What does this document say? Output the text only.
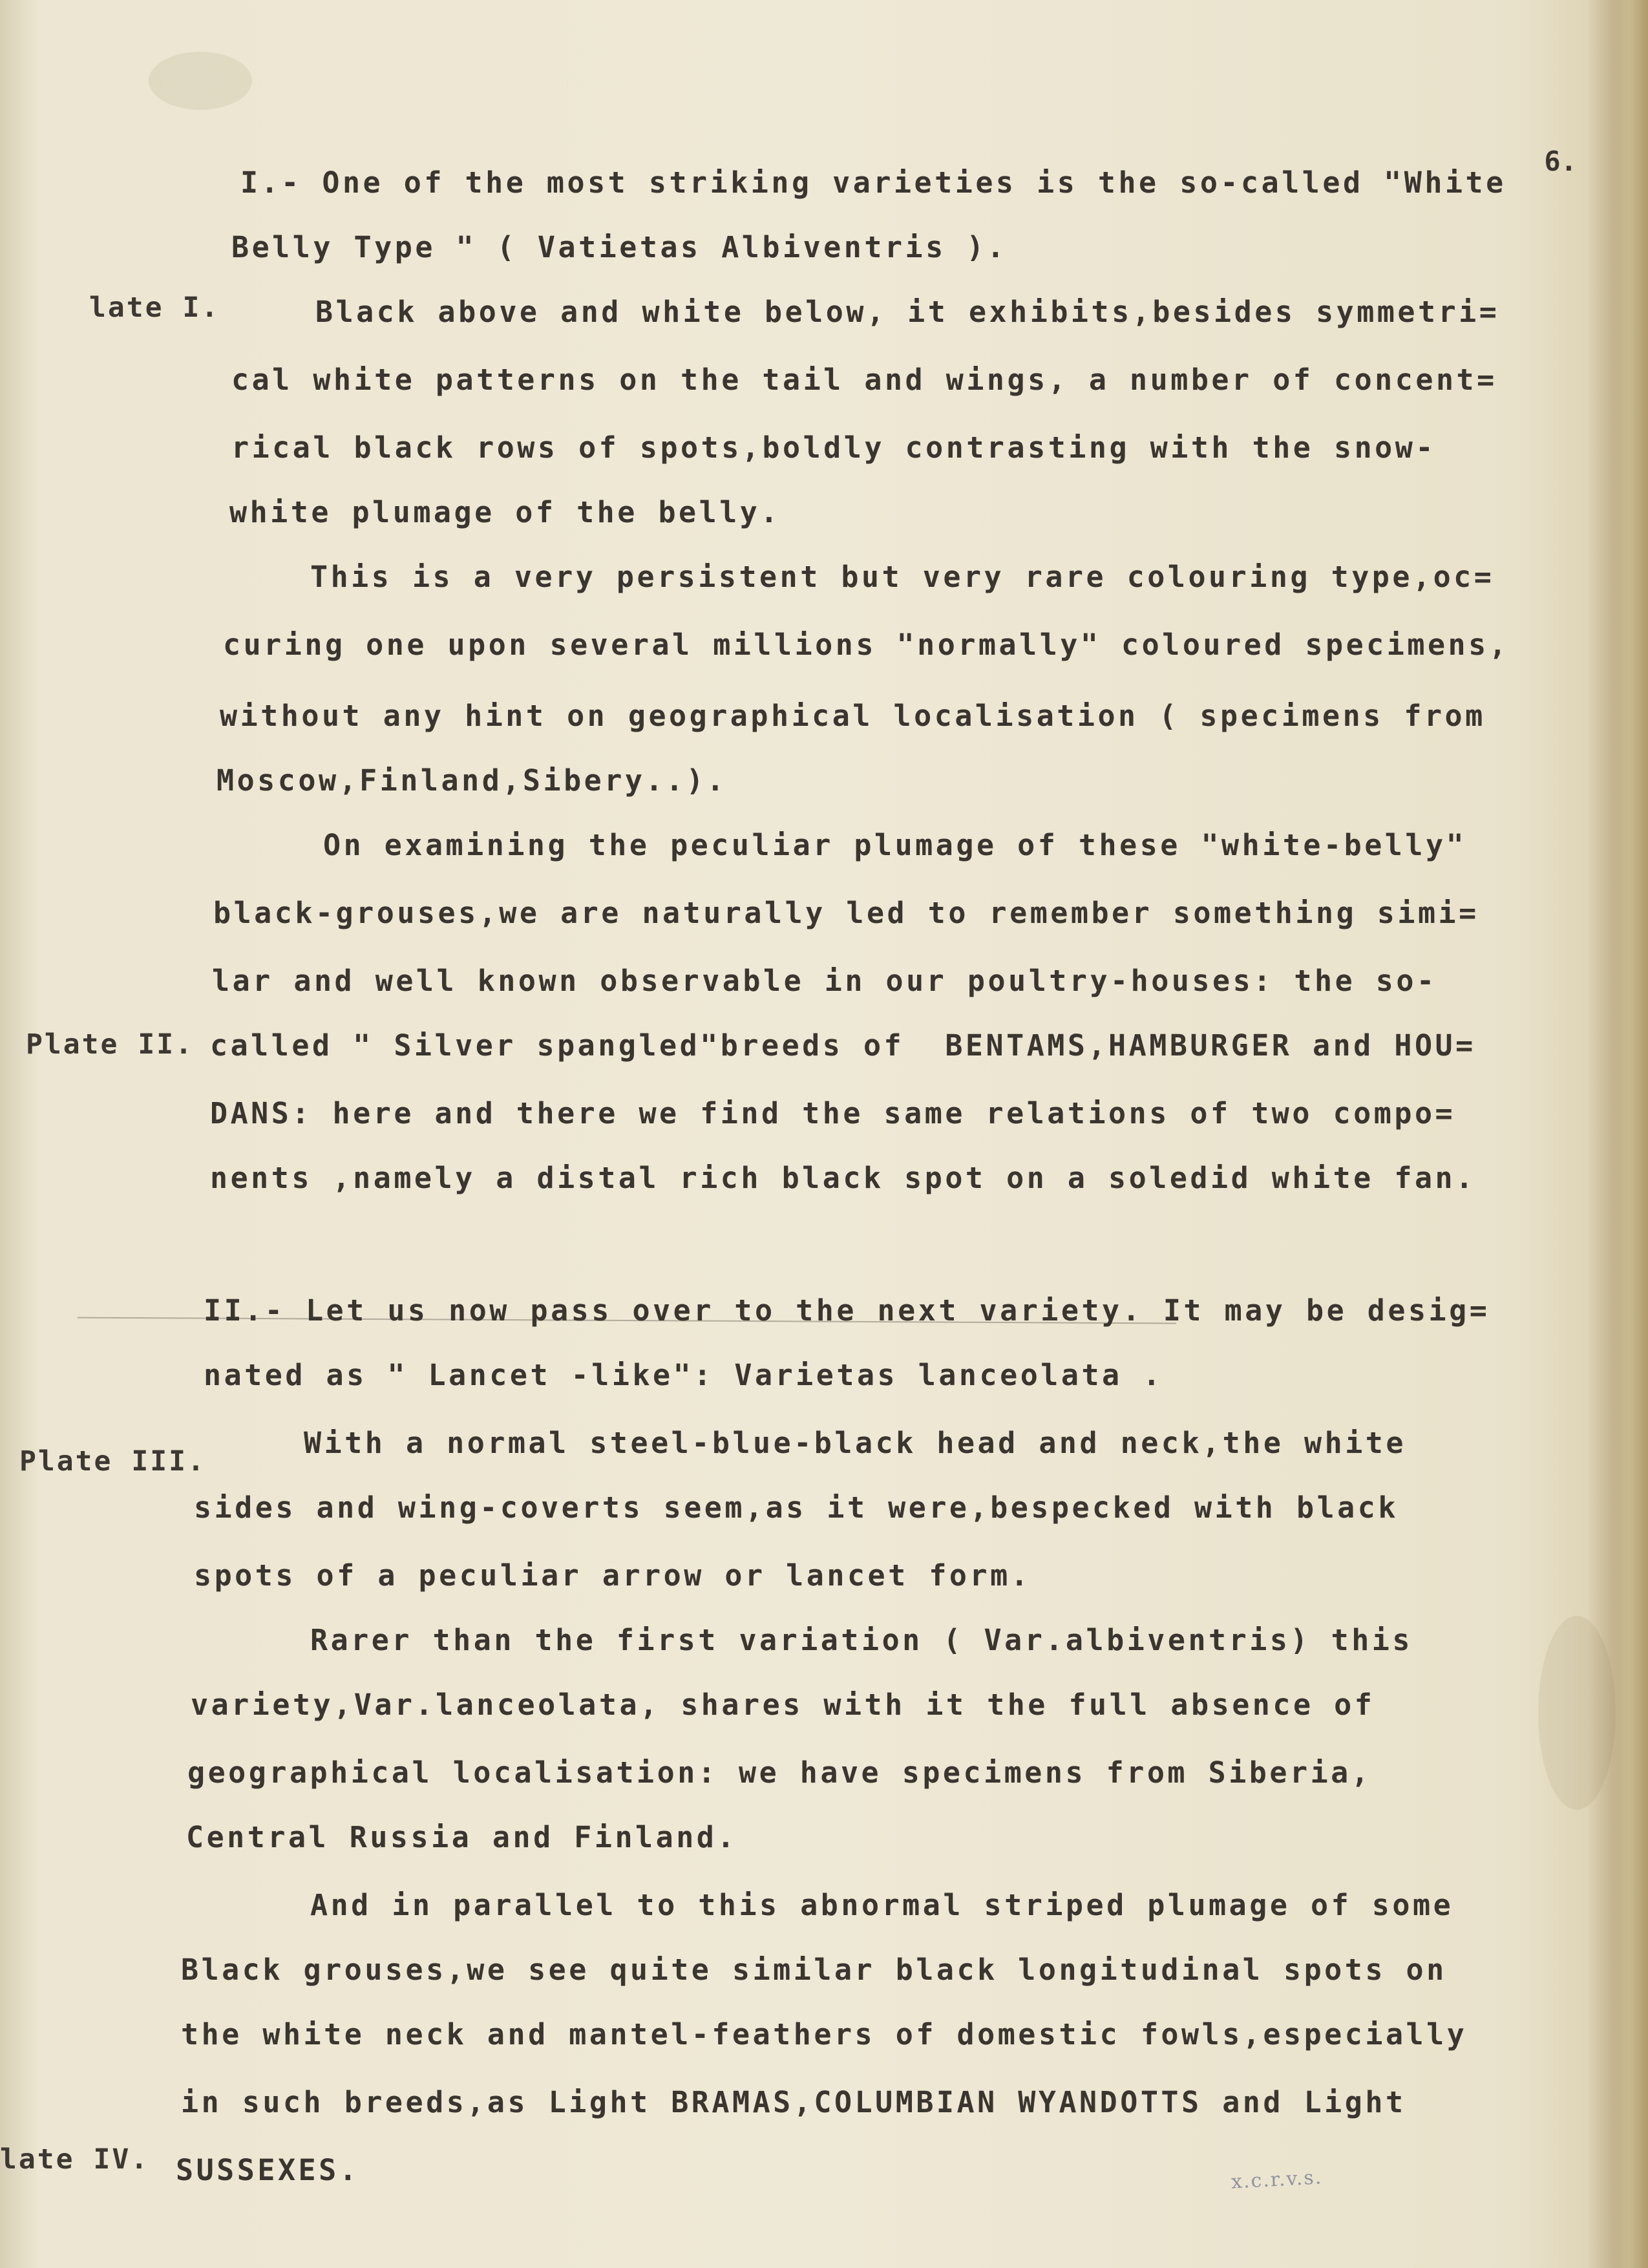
6.
I.- One of the most striking varieties is the so-called "White
Belly Type " ( Vatietas Albiventris ).
late I.	Black above and white below, it exhibits,besides symmetri=
cal white patterns on the tail and wings, a number of concent=
rical black rows of spots,boldly contrasting with the snow-
white plumage of the belly.
This is a very persistent but very rare colouring type,oc=
curing one upon several millions "normally" coloured specimens,
without any hint on geographical localisation ( specimens from
Moscow,Finland,Sibery..).
On examining the peculiar plumage of these "white-belly"
black-grouses,we are naturally led to remember something simi=
lar and well known observable in our poultry-houses: the so-
Plate II. called " Silver spangled"breeds of  BENTAMS,HAMBURGER and HOU=
DANS: here and there we find the same relations of two compo=
nents ,namely a distal rich black spot on a soledid white fan.
II.- Let us now pass over to the next variety. It may be desig=
nated as " Lancet -like": Varietas lanceolata .
With a normal steel-blue-black head and neck,the white
Plate III.
sides and wing-coverts seem,as it were,bespecked with black
spots of a peculiar arrow or lancet form.
Rarer than the first variation ( Var.albiventris) this
variety,Var.lanceolata, shares with it the full absence of
geographical localisation: we have specimens from Siberia,
Central Russia and Finland.
And in parallel to this abnormal striped plumage of some
Black grouses,we see quite similar black longitudinal spots on
the white neck and mantel-feathers of domestic fowls,especially
in such breeds,as Light BRAMAS,COLUMBIAN WYANDOTTS and Light
late IV. SUSSEXES.	x.c.r.v.s.
